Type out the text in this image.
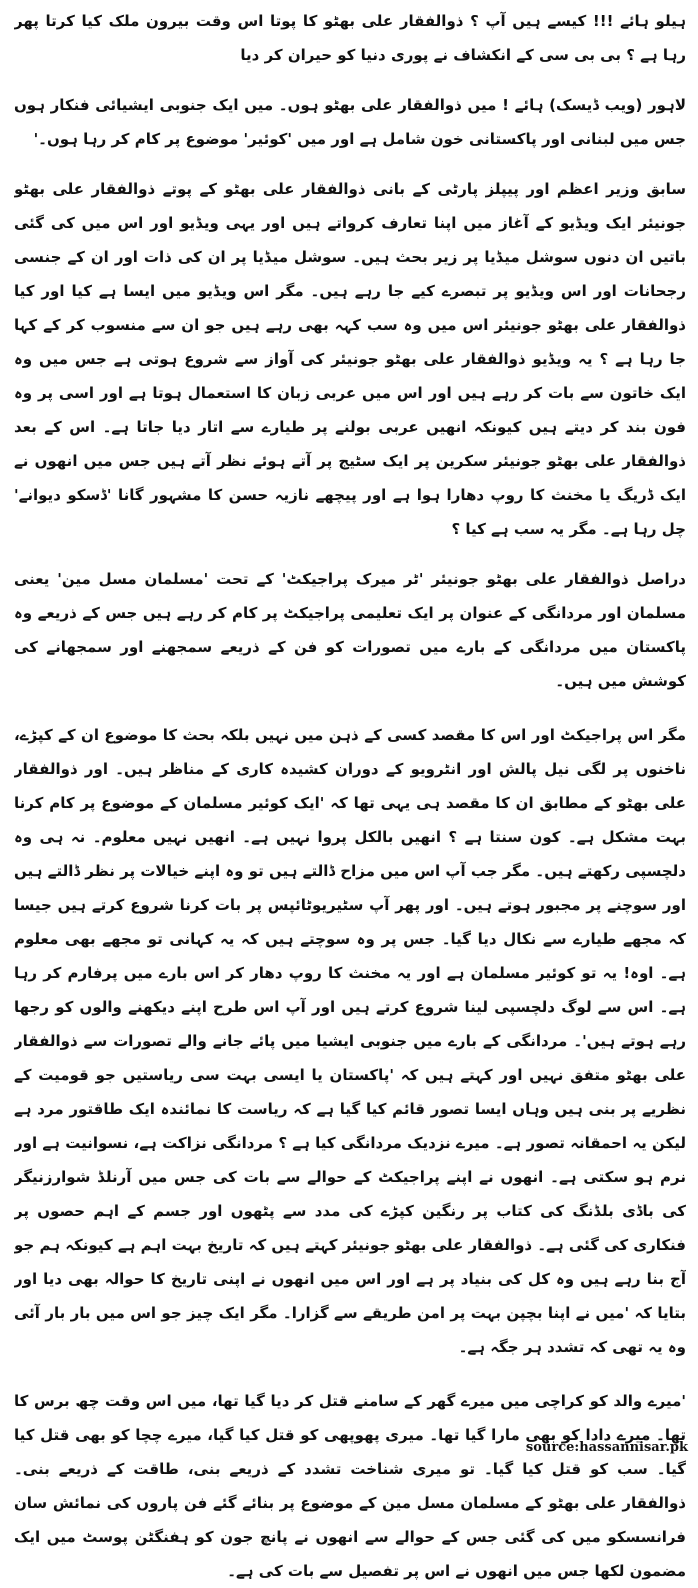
ہیلو ہائے !!! کیسے ہیں آپ ؟ ذوالفقار علی بھٹو کا پوتا اس وقت بیرون ملک کیا کرتا پھر رہا ہے ؟ بی بی سی کے انکشاف نے پوری دنیا کو حیران کر دیا

لاہور (ویب ڈیسک) ہائے ! میں ذوالفقار علی بھٹو ہوں۔ میں ایک جنوبی ایشیائی فنکار ہوں جس میں لبنانی اور پاکستانی خون شامل ہے اور میں 'کوئیر' موضوع پر کام کر رہا ہوں۔'

سابق وزیر اعظم اور پیپلز پارٹی کے بانی ذوالفقار علی بھٹو کے پوتے ذوالفقار علی بھٹو جونیئر ایک ویڈیو کے آغاز میں اپنا تعارف کرواتے ہیں اور یہی ویڈیو اور اس میں کی گئی باتیں ان دنوں سوشل میڈیا پر زیر بحث ہیں۔ سوشل میڈیا پر ان کی ذات اور ان کے جنسی رجحانات اور اس ویڈیو پر تبصرے کیے جا رہے ہیں۔ مگر اس ویڈیو میں ایسا ہے کیا اور کیا ذوالفقار علی بھٹو جونیئر اس میں وہ سب کہہ بھی رہے ہیں جو ان سے منسوب کر کے کہا جا رہا ہے ؟ یہ ویڈیو ذوالفقار علی بھٹو جونیئر کی آواز سے شروع ہوتی ہے جس میں وہ ایک خاتون سے بات کر رہے ہیں اور اس میں عربی زبان کا استعمال ہوتا ہے اور اسی پر وہ فون بند کر دیتے ہیں کیونکہ انھیں عربی بولنے پر طیارے سے اتار دیا جاتا ہے۔ اس کے بعد ذوالفقار علی بھٹو جونیئر سکرین پر ایک سٹیج پر آتے ہوئے نظر آتے ہیں جس میں انھوں نے ایک ڈریگ یا مخنث کا روپ دھارا ہوا ہے اور پیچھے نازیہ حسن کا مشہور گانا 'ڈسکو دیوانے' چل رہا ہے۔ مگر یہ سب ہے کیا ؟

دراصل ذوالفقار علی بھٹو جونیئر 'ٹر میرک پراجیکٹ' کے تحت 'مسلمان مسل مین' یعنی مسلمان اور مردانگی کے عنوان پر ایک تعلیمی پراجیکٹ پر کام کر رہے ہیں جس کے ذریعے وہ پاکستان میں مردانگی کے بارے میں تصورات کو فن کے ذریعے سمجھنے اور سمجھانے کی کوشش میں ہیں۔

مگر اس پراجیکٹ اور اس کا مقصد کسی کے ذہن میں نہیں بلکہ بحث کا موضوع ان کے کپڑے، ناخنوں پر لگی نیل پالش اور انٹرویو کے دوران کشیدہ کاری کے مناظر ہیں۔ اور ذوالفقار علی بھٹو کے مطابق ان کا مقصد ہی یہی تھا کہ 'ایک کوئیر مسلمان کے موضوع پر کام کرنا بہت مشکل ہے۔ کون سنتا ہے ؟ انھیں بالکل پروا نہیں ہے۔ انھیں نہیں معلوم۔ نہ ہی وہ دلچسپی رکھتے ہیں۔ مگر جب آپ اس میں مزاح ڈالتے ہیں تو وہ اپنے خیالات پر نظر ڈالتے ہیں اور سوچنے پر مجبور ہوتے ہیں۔ اور پھر آپ سٹیریوٹائپس پر بات کرنا شروع کرتے ہیں جیسا کہ مجھے طیارے سے نکال دیا گیا۔ جس پر وہ سوچتے ہیں کہ یہ کہانی تو مجھے بھی معلوم ہے۔ اوہ! یہ تو کوئیر مسلمان ہے اور یہ مخنث کا روپ دھار کر اس بارے میں پرفارم کر رہا ہے۔ اس سے لوگ دلچسپی لینا شروع کرتے ہیں اور آپ اس طرح اپنے دیکھنے والوں کو رجھا رہے ہوتے ہیں'۔ مردانگی کے بارے میں جنوبی ایشیا میں پائے جانے والے تصورات سے ذوالفقار علی بھٹو متفق نہیں اور کہتے ہیں کہ 'پاکستان یا ایسی بہت سی ریاستیں جو قومیت کے نظریے پر بنی ہیں وہاں ایسا تصور قائم کیا گیا ہے کہ ریاست کا نمائندہ ایک طاقتور مرد ہے لیکن یہ احمقانہ تصور ہے۔ میرے نزدیک مردانگی کیا ہے ؟ مردانگی نزاکت ہے، نسوانیت ہے اور نرم ہو سکتی ہے۔ انھوں نے اپنے پراجیکٹ کے حوالے سے بات کی جس میں آرنلڈ شوارزنیگر کی باڈی بلڈنگ کی کتاب پر رنگین کپڑے کی مدد سے پٹھوں اور جسم کے اہم حصوں پر فنکاری کی گئی ہے۔ ذوالفقار علی بھٹو جونیئر کہتے ہیں کہ تاریخ بہت اہم ہے کیونکہ ہم جو آج بنا رہے ہیں وہ کل کی بنیاد پر ہے اور اس میں انھوں نے اپنی تاریخ کا حوالہ بھی دیا اور بتایا کہ 'میں نے اپنا بچپن بہت پر امن طریقے سے گزارا۔ مگر ایک چیز جو اس میں بار بار آئی وہ یہ تھی کہ تشدد ہر جگہ ہے۔

'میرے والد کو کراچی میں میرے گھر کے سامنے قتل کر دیا گیا تھا، میں اس وقت چھ برس کا تھا۔ میرے دادا کو بھی مارا گیا تھا۔ میری پھوپھی کو قتل کیا گیا، میرے چچا کو بھی قتل کیا گیا۔ سب کو قتل کیا گیا۔ تو میری شناخت تشدد کے ذریعے بنی، طاقت کے ذریعے بنی۔ ذوالفقار علی بھٹو کے مسلمان مسل مین کے موضوع پر بنائے گئے فن پاروں کی نمائش سان فرانسسکو میں کی گئی جس کے حوالے سے انھوں نے پانچ جون کو ہفنگٹن پوسٹ میں ایک مضمون لکھا جس میں انھوں نے اس پر تفصیل سے بات کی ہے۔

source:hassannisar.pk
